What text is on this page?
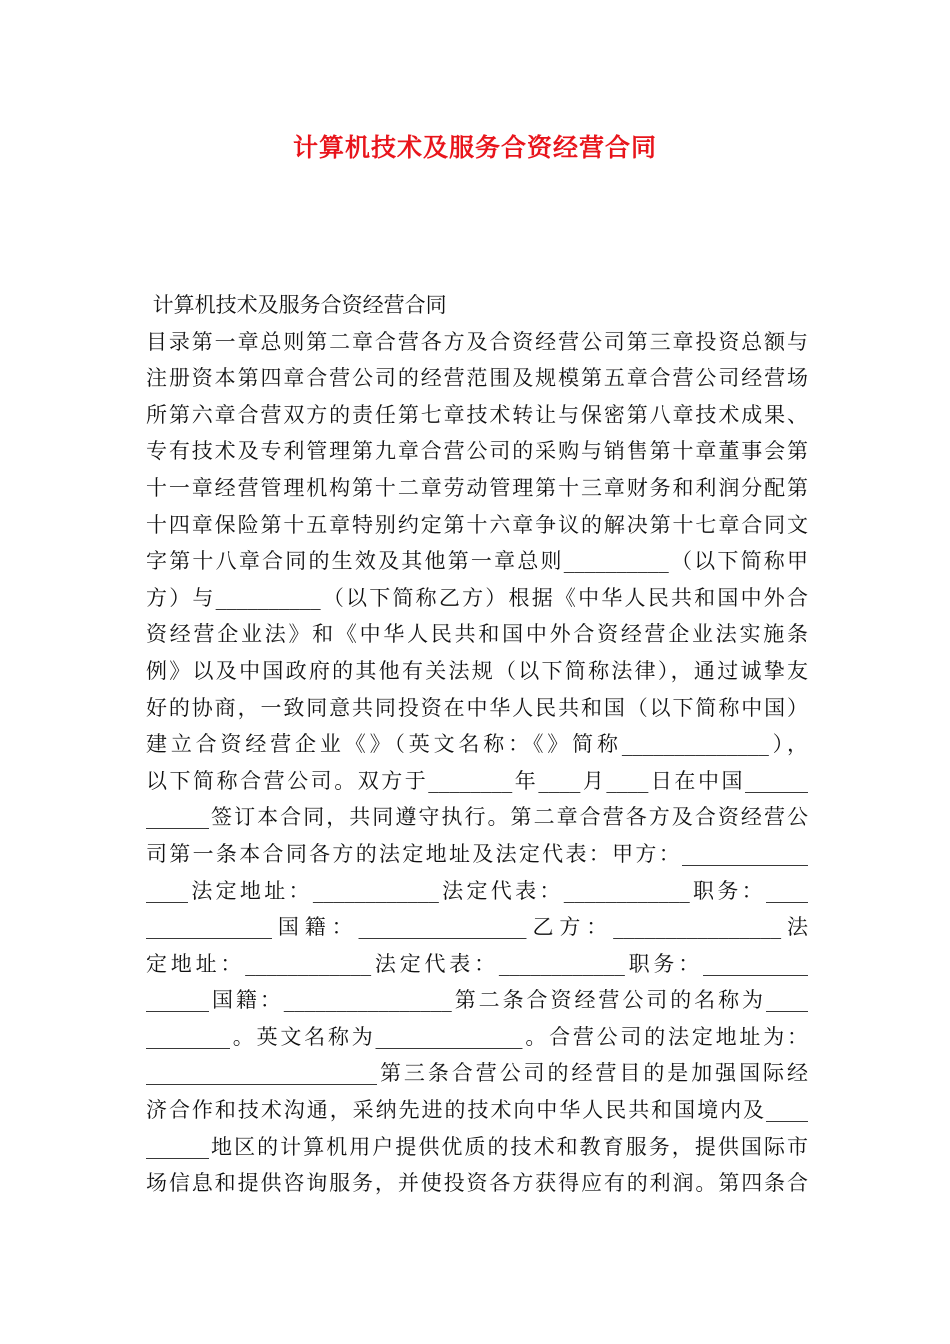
计算机技术及服务合资经营合同
计算机技术及服务合资经营合同
目录第一章总则第二章合营各方及合资经营公司第三章投资总额与
注册资本第四章合营公司的经营范围及规模第五章合营公司经营场
所第六章合营双方的责任第七章技术转让与保密第八章技术成果、
专有技术及专利管理第九章合营公司的采购与销售第十章董事会第
十一章经营管理机构第十二章劳动管理第十三章财务和利润分配第
十四章保险第十五章特别约定第十六章争议的解决第十七章合同文
字第十八章合同的生效及其他第一章总则__________（以下简称甲
方）与__________（以下简称乙方）根据《中华人民共和国中外合
资经营企业法》和《中华人民共和国中外合资经营企业法实施条
例》以及中国政府的其他有关法规（以下简称法律），通过诚挚友
好的协商，一致同意共同投资在中华人民共和国（以下简称中国）
建立合资经营企业《》（英文名称：《》简称______________），
以下简称合营公司。双方于________年____月____日在中国______
______签订本合同，共同遵守执行。第二章合营各方及合资经营公
司第一条本合同各方的法定地址及法定代表：甲方：____________
____法定地址：____________法定代表：____________职务：____
____________国籍：________________乙方：________________法
定地址：____________法定代表：____________职务：__________
______国籍：________________第二条合资经营公司的名称为____
________。英文名称为______________。合营公司的法定地址为：
______________________第三条合营公司的经营目的是加强国际经
济合作和技术沟通，采纳先进的技术向中华人民共和国境内及____
______地区的计算机用户提供优质的技术和教育服务，提供国际市
场信息和提供咨询服务，并使投资各方获得应有的利润。第四条合
